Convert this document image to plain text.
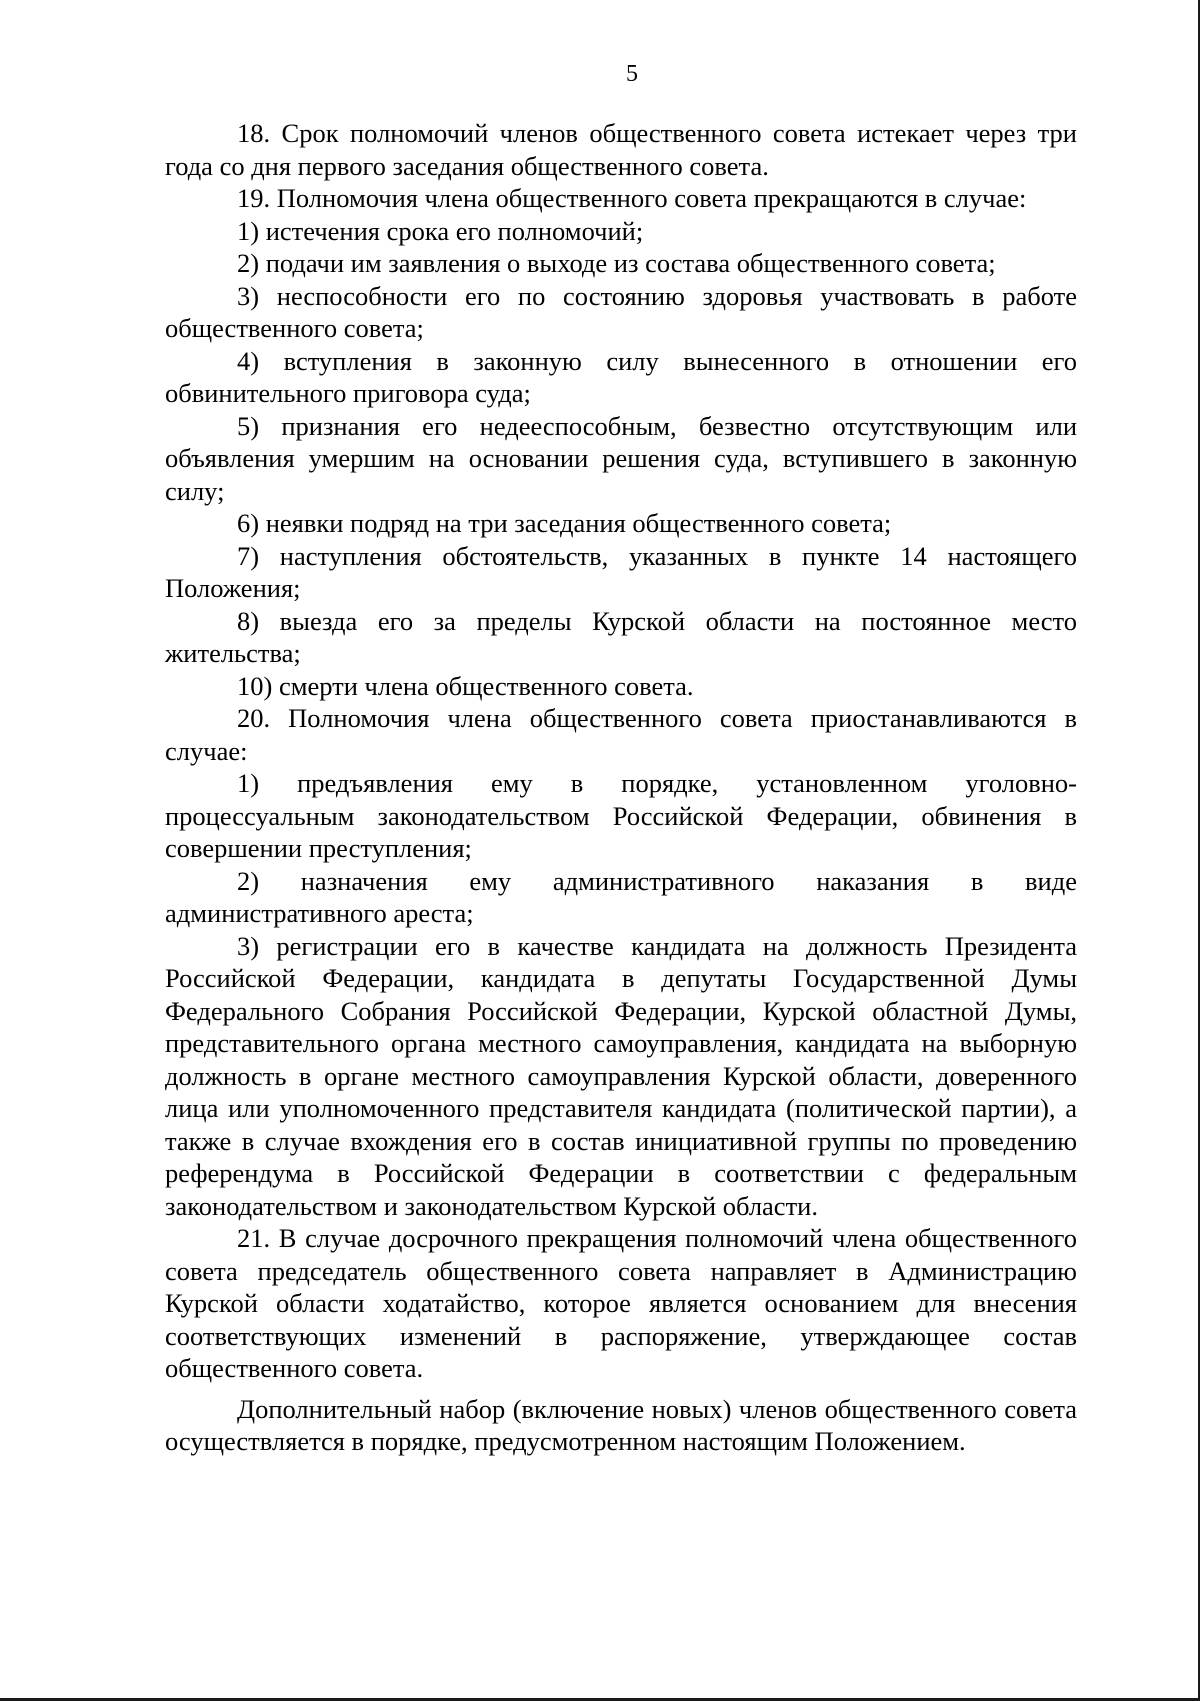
5

18. Срок полномочий членов общественного совета истекает через три года со дня первого заседания общественного совета.

19. Полномочия члена общественного совета прекращаются в случае:

1) истечения срока его полномочий;

2) подачи им заявления о выходе из состава общественного совета;

3) неспособности его по состоянию здоровья участвовать в работе общественного совета;

4) вступления в законную силу вынесенного в отношении его обвинительного приговора суда;

5) признания его недееспособным, безвестно отсутствующим или объявления умершим на основании решения суда, вступившего в законную силу;

6) неявки подряд на три заседания общественного совета;

7) наступления обстоятельств, указанных в пункте 14 настоящего Положения;

8) выезда его за пределы Курской области на постоянное место жительства;

10) смерти члена общественного совета.

20. Полномочия члена общественного совета приостанавливаются в случае:

1) предъявления ему в порядке, установленном уголовно-процессуальным законодательством Российской Федерации, обвинения в совершении преступления;

2) назначения ему административного наказания в виде административного ареста;

3) регистрации его в качестве кандидата на должность Президента Российской Федерации, кандидата в депутаты Государственной Думы Федерального Собрания Российской Федерации, Курской областной Думы, представительного органа местного самоуправления, кандидата на выборную должность в органе местного самоуправления Курской области, доверенного лица или уполномоченного представителя кандидата (политической партии), а также в случае вхождения его в состав инициативной группы по проведению референдума в Российской Федерации в соответствии с федеральным законодательством и законодательством Курской области.

21. В случае досрочного прекращения полномочий члена общественного совета председатель общественного совета направляет в Администрацию Курской области ходатайство, которое является основанием для внесения соответствующих изменений в распоряжение, утверждающее состав общественного совета.

Дополнительный набор (включение новых) членов общественного совета осуществляется в порядке, предусмотренном настоящим Положением.
